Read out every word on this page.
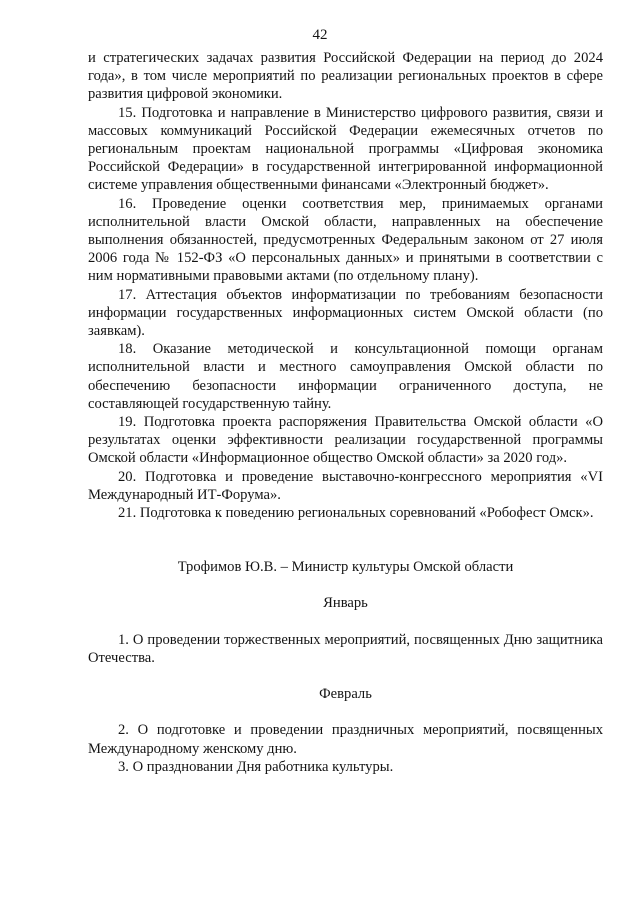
42

и стратегических задачах развития Российской Федерации на период до 2024 года», в том числе мероприятий по реализации региональных проектов в сфере развития цифровой экономики.

15. Подготовка и направление в Министерство цифрового развития, связи и массовых коммуникаций Российской Федерации ежемесячных отчетов по региональным проектам национальной программы «Цифровая экономика Российской Федерации» в государственной интегрированной информационной системе управления общественными финансами «Электронный бюджет».

16. Проведение оценки соответствия мер, принимаемых органами исполнительной власти Омской области, направленных на обеспечение выполнения обязанностей, предусмотренных Федеральным законом от 27 июля 2006 года № 152-ФЗ «О персональных данных» и принятыми в соответствии с ним нормативными правовыми актами (по отдельному плану).

17. Аттестация объектов информатизации по требованиям безопасности информации государственных информационных систем Омской области (по заявкам).

18. Оказание методической и консультационной помощи органам исполнительной власти и местного самоуправления Омской области по обеспечению безопасности информации ограниченного доступа, не составляющей государственную тайну.

19. Подготовка проекта распоряжения Правительства Омской области «О результатах оценки эффективности реализации государственной программы Омской области «Информационное общество Омской области» за 2020 год».

20. Подготовка и проведение выставочно-конгрессного мероприятия «VI Международный ИТ-Форума».

21. Подготовка к поведению региональных соревнований «Робофест Омск».

Трофимов Ю.В. – Министр культуры Омской области

Январь

1. О проведении торжественных мероприятий, посвященных Дню защитника Отечества.

Февраль

2. О подготовке и проведении праздничных мероприятий, посвященных Международному женскому дню.

3. О праздновании Дня работника культуры.
